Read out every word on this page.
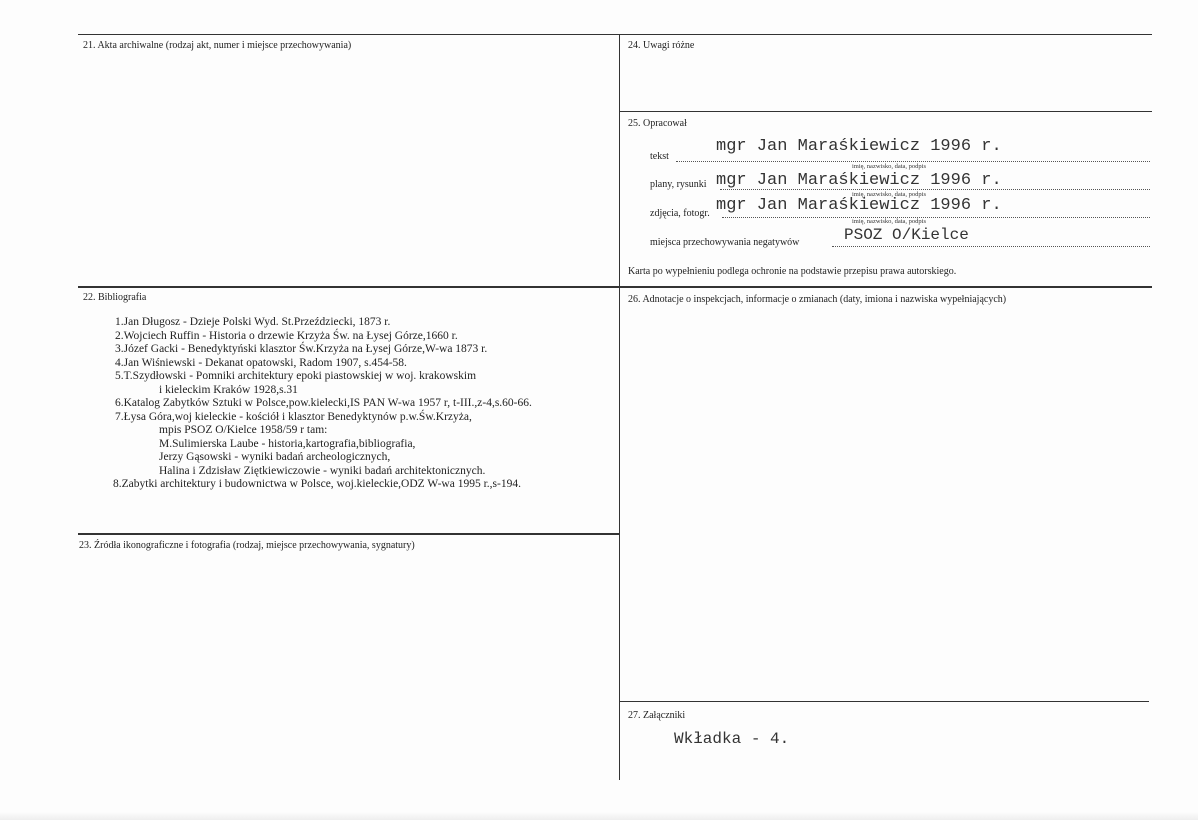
21. Akta archiwalne (rodzaj akt, numer i miejsce przechowywania)	24. Uwagi różne
25. Opracował
tekst
mgr Jan Maraśkiewicz 1996 r.
imię, nazwisko, data, podpis
plany, rysunki mgr Jan Maraśkiewicz 1996 r.
imię, nazwisko, data, podpis
zdjęcia, fotogr. mgr Jan Maraśkiewicz 1996 r.
imię, nazwisko, data, podpis
miejsca przechowywania negatywów	PSOZ O/Kielce
Karta po wypełnieniu podlega ochronie na podstawie przepisu prawa autorskiego.
22. Bibliografia
1.Jan Długosz - Dzieje Polski Wyd. St.Przeździecki, 1873 r.
2.Wojciech Ruffin - Historia o drzewie Krzyża Św. na Łysej Górze,1660 r.
3.Józef Gacki - Benedyktyński klasztor Św.Krzyża na Łysej Górze,W-wa 1873 r.
4.Jan Wiśniewski - Dekanat opatowski, Radom 1907, s.454-58.
5.T.Szydłowski - Pomniki architektury epoki piastowskiej w woj. krakowskim
i kieleckim Kraków 1928,s.31
6.Katalog Zabytków Sztuki w Polsce,pow.kielecki,IS PAN W-wa 1957 r, t-III.,z-4,s.60-66.
7.Łysa Góra,woj kieleckie - kościół i klasztor Benedyktynów p.w.Św.Krzyża,
mpis PSOZ O/Kielce 1958/59 r tam:
M.Sulimierska Laube - historia,kartografia,bibliografia,
Jerzy Gąsowski - wyniki badań archeologicznych,
Halina i Zdzisław Ziętkiewiczowie - wyniki badań architektonicznych.
8.Zabytki architektury i budownictwa w Polsce, woj.kieleckie,ODZ W-wa 1995 r.,s-194.
26. Adnotacje o inspekcjach, informacje o zmianach (daty, imiona i nazwiska wypełniających)
23. Źródła ikonograficzne i fotografia (rodzaj, miejsce przechowywania, sygnatury)
27. Załączniki
Wkładka - 4.
